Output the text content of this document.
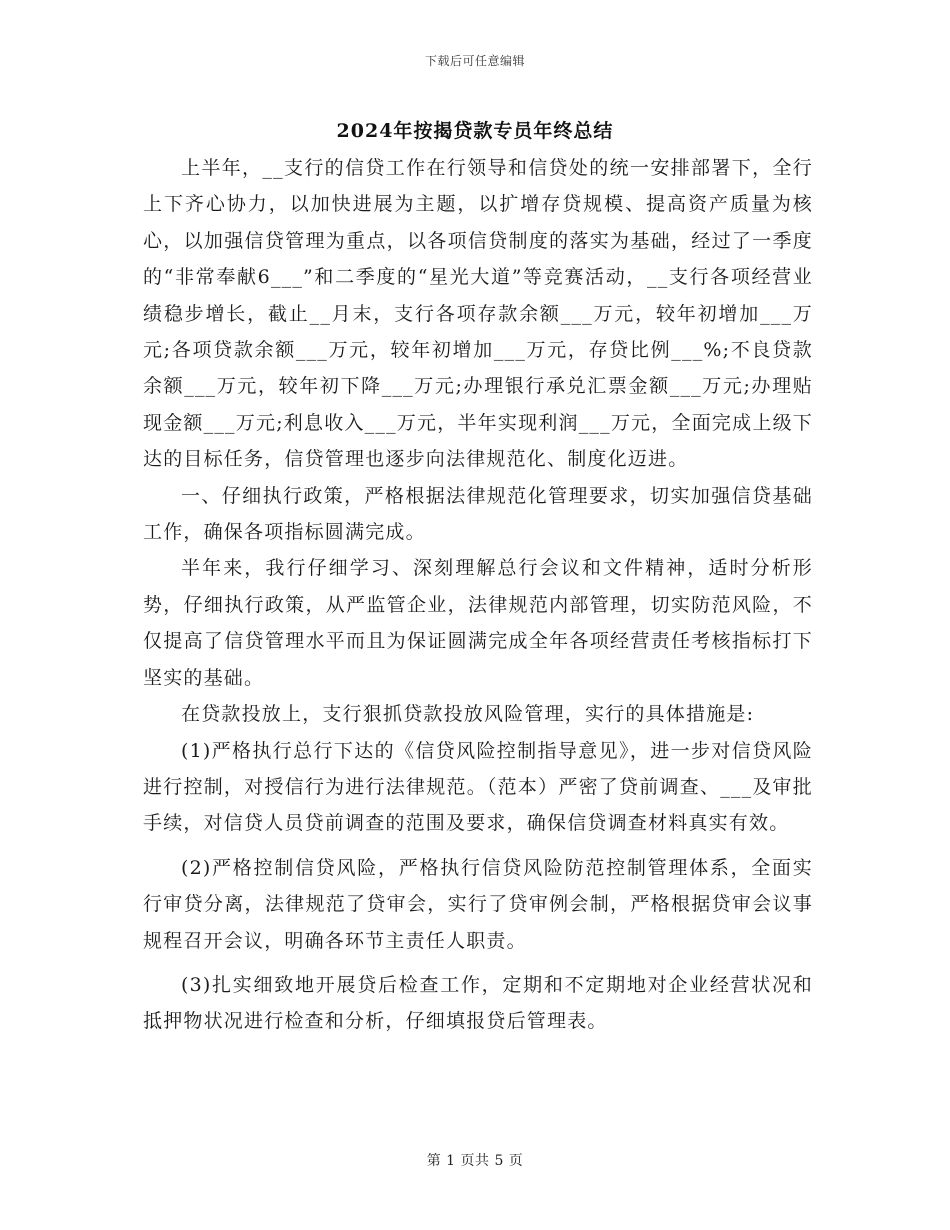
下载后可任意编辑
2024年按揭贷款专员年终总结

上半年，__支行的信贷工作在行领导和信贷处的统一安排部署下，全行上下齐心协力，以加快进展为主题，以扩增存贷规模、提高资产质量为核心，以加强信贷管理为重点，以各项信贷制度的落实为基础，经过了一季度的“非常奉献6___”和二季度的“星光大道”等竞赛活动，__支行各项经营业绩稳步增长，截止__月末，支行各项存款余额___万元，较年初增加___万元;各项贷款余额___万元，较年初增加___万元，存贷比例___%;不良贷款余额___万元，较年初下降___万元;办理银行承兑汇票金额___万元;办理贴现金额___万元;利息收入___万元，半年实现利润___万元，全面完成上级下达的目标任务，信贷管理也逐步向法律规范化、制度化迈进。

一、仔细执行政策，严格根据法律规范化管理要求，切实加强信贷基础工作，确保各项指标圆满完成。

半年来，我行仔细学习、深刻理解总行会议和文件精神，适时分析形势，仔细执行政策，从严监管企业，法律规范内部管理，切实防范风险，不仅提高了信贷管理水平而且为保证圆满完成全年各项经营责任考核指标打下坚实的基础。

在贷款投放上，支行狠抓贷款投放风险管理，实行的具体措施是:

(1)严格执行总行下达的《信贷风险控制指导意见》，进一步对信贷风险进行控制，对授信行为进行法律规范。（范本）严密了贷前调查、___及审批手续，对信贷人员贷前调查的范围及要求，确保信贷调查材料真实有效。

(2)严格控制信贷风险，严格执行信贷风险防范控制管理体系，全面实行审贷分离，法律规范了贷审会，实行了贷审例会制，严格根据贷审会议事规程召开会议，明确各环节主责任人职责。

(3)扎实细致地开展贷后检查工作，定期和不定期地对企业经营状况和抵押物状况进行检查和分析，仔细填报贷后管理表。

第 1 页共 5 页
